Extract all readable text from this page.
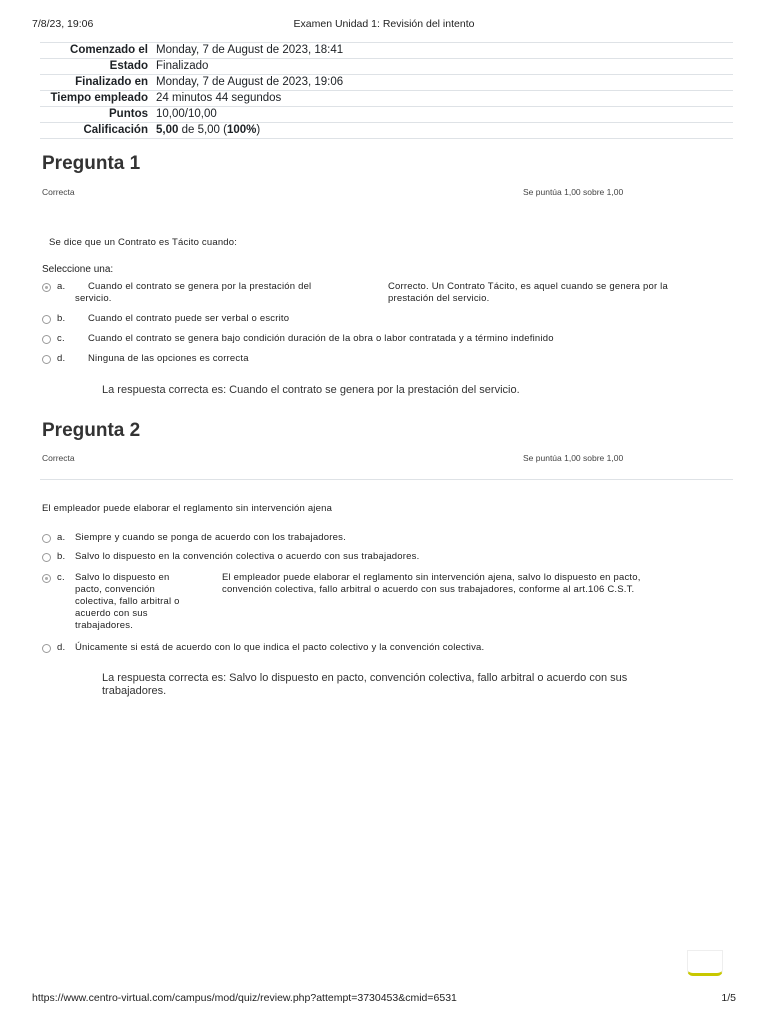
7/8/23, 19:06	Examen Unidad 1: Revisión del intento
Comenzado el	Monday, 7 de August de 2023, 18:41
Estado	Finalizado
Finalizado en	Monday, 7 de August de 2023, 19:06
Tiempo empleado	24 minutos 44 segundos
Puntos	10,00/10,00
Calificación	5,00 de 5,00 (100%)
Pregunta 1
Correcta	Se puntúa 1,00 sobre 1,00
Se dice que un Contrato es Tácito cuando:
Seleccione una:
a. Cuando el contrato se genera por la prestación del
servicio.
Correcto. Un Contrato Tácito, es aquel cuando se genera por la
prestación del servicio.
b. Cuando el contrato puede ser verbal o escrito
c. Cuando el contrato se genera bajo condición duración de la obra o labor contratada y a término indefinido
d. Ninguna de las opciones es correcta
La respuesta correcta es: Cuando el contrato se genera por la prestación del servicio.
Pregunta 2
Correcta	Se puntúa 1,00 sobre 1,00
El empleador puede elaborar el reglamento sin intervención ajena
a. Siempre y cuando se ponga de acuerdo con los trabajadores.
b. Salvo lo dispuesto en la convención colectiva o acuerdo con sus trabajadores.
c. Salvo lo dispuesto en
pacto, convención
colectiva, fallo arbitral o
acuerdo con sus
trabajadores.
El empleador puede elaborar el reglamento sin intervención ajena, salvo lo dispuesto en pacto,
convención colectiva, fallo arbitral o acuerdo con sus trabajadores, conforme al art.106 C.S.T.
d. Únicamente si está de acuerdo con lo que indica el pacto colectivo y la convención colectiva.
La respuesta correcta es: Salvo lo dispuesto en pacto, convención colectiva, fallo arbitral o acuerdo con sus
trabajadores.
https://www.centro-virtual.com/campus/mod/quiz/review.php?attempt=3730453&cmid=6531	1/5
